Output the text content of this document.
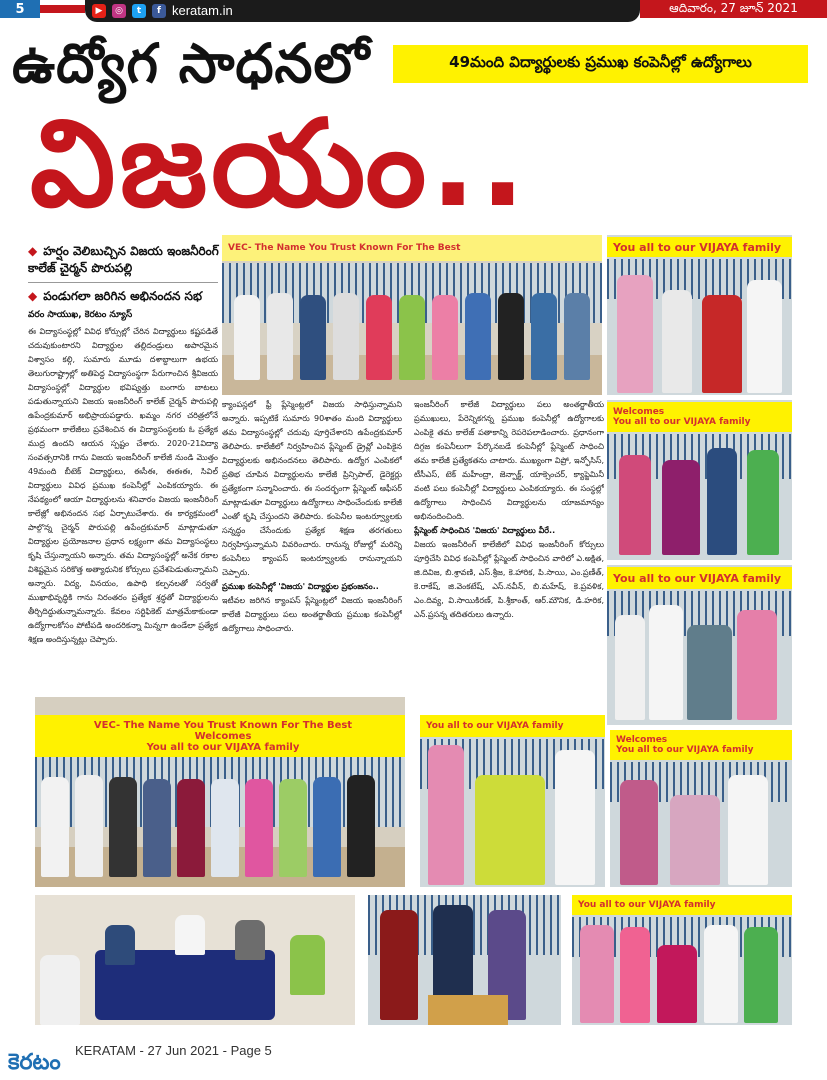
5	▶	◎	t	f keratam.in	ఆదివారం, 27 జూన్ 2021
ఉద్యోగ సాధనలో	49మంది విద్యార్థులకు ప్రముఖ కంపెనీల్లో ఉద్యోగాలు
విజయం..
◆ హర్షం వెలిబుచ్చిన విజయ ఇంజనీరింగ్ కాలేజ్ చైర్మన్ పొరుపల్లి
◆ పండుగలా జరిగిన అభినందన సభ
వరం సాయుఖ, కెరటం న్యూస్

ఈ విద్యాసంస్థల్లో వివిధ కోర్సుల్లో చేరిన విద్యార్థులు కష్టపడితే చదువుకుంటారని విద్యార్థుల తల్లిదండ్రులు అపారమైన విశ్వాసం కల్గి, సుమారు మూడు దశాబ్దాలుగా ఉభయ తెలుగురాష్ట్రాల్లో అతిపెద్ద విద్యాసంస్థగా పేరుగాంచిన శ్రీవిజయ విద్యాసంస్థల్లో విద్యార్థుల భవిష్యత్తు బంగారు బాటలు పడుతున్నాయని విజయ ఇంజనీరింగ్ కాలేజ్ చైర్మన్ పొరుపల్లి ఉపేంద్రకుమార్ అభిప్రాయపడ్డారు. ఖమ్మం నగర చరిత్రలోనే ప్రథమంగా కాలేజీలు ప్రవేశించిన ఈ విద్యాసంస్థలకు ఓ ప్రత్యేక ముద్ర ఉందని ఆయన స్పష్టం చేశారు. 2020-21విద్యా సంవత్సరానికి గాను విజయ ఇంజనీరింగ్ కాలేజీ నుండి మొత్తం 49మంది బీటెక్ విద్యార్థులు, ఈసీఈ, ఈఈఈ, సివిల్ విద్యార్థులు వివిధ ప్రముఖ కంపెనీల్లో ఎంపికయ్యారు. ఈ నేపథ్యంలో ఆయా విద్యార్థులను శనివారం విజయ ఇంజనీరింగ్ కాలేజ్లో అభినందన సభ ఏర్పాటుచేశారు. ఈ కార్యక్రమంలో పాల్గొన్న చైర్మన్ పొరుపల్లి ఉపేంద్రకుమార్ మాట్లాడుతూ విద్యార్థుల ప్రయోజనాల ప్రధాన లక్ష్యంగా తమ విద్యాసంస్థలు కృషి చేస్తున్నాయని అన్నారు. తమ విద్యాసంస్థల్లో అనేక రకాల విశిష్టమైన సరికొత్త అత్యాధునిక కోర్సులు ప్రవేశపెడుతున్నామని అన్నారు. విద్య, వినయం, ఉపాధి కల్పనలతో సర్వతో ముఖాభివృద్ధికి గాను నిరంతరం ప్రత్యేక శ్రద్ధతో విద్యార్థులను తీర్చిదిద్దుతున్నామన్నారు. కేవలం సర్టిఫికెట్ మాత్రమేకాకుండా ఉద్యోగాలకోసం పోటీపడి అందరికన్నా మిన్నగా ఉండేలా ప్రత్యేక శిక్షణ అందిస్తున్నట్లు చెప్పారు.

క్యాంపస్లలో ఫ్రీ ప్లేస్మెంట్లలో విజయ సాధిస్తున్నామని అన్నారు. ఇప్పటికే సుమారు 90శాతం మంది విద్యార్థులు తమ విద్యాసంస్థల్లో చదువు పూర్తిచేశారని ఉపేంద్రకుమార్ తెలిపారు. కాలేజీలో నిర్వహించిన ప్లేస్మెంట్ డ్రైవ్లో ఎంపికైన విద్యార్థులకు అభినందనలు తెలిపారు. ఉద్యోగ ఎంపికలో ప్రతిభ చూపిన విద్యార్థులను కాలేజీ ప్రిన్సిపాల్, డైరెక్టర్లు ప్రత్యేకంగా సన్మానించారు. ఈ సందర్భంగా ప్లేస్మెంట్ ఆఫీసర్ మాట్లాడుతూ విద్యార్థులు ఉద్యోగాలు సాధించేందుకు కాలేజీ ఎంతో కృషి చేస్తుందని తెలిపారు. కంపెనీల ఇంటర్వ్యూలకు సన్నద్ధం చేసేందుకు ప్రత్యేక శిక్షణ తరగతులు నిర్వహిస్తున్నామని వివరించారు. రానున్న రోజుల్లో మరిన్ని కంపెనీలు క్యాంపస్ ఇంటర్వ్యూలకు రానున్నాయని చెప్పారు.

ప్రముఖ కంపెనీల్లో 'విజయ' విద్యార్థుల ప్రభంజనం..

ఇటీవల జరిగిన క్యాంపస్ ప్లేస్మెంట్లలో విజయ ఇంజనీరింగ్ కాలేజీ విద్యార్థులు పలు అంతర్జాతీయ ప్రముఖ కంపెనీల్లో ఉద్యోగాలు సాధించారు.

ఇంజనీరింగ్ కాలేజీ విద్యార్థులు పలు అంతర్జాతీయ ప్రముఖులు, పేరెన్నికగన్న ప్రముఖ కంపెనీల్లో ఉద్యోగాలకు ఎంపికై తమ కాలేజ్ పతాకాన్ని రెపరెపలాడించారు. ప్రధానంగా దిగ్గజ కంపెనీలుగా పేర్కొనబడే కంపెనీల్లో ప్లేస్మెంట్ సాధించి తమ కాలేజీ ప్రత్యేకతను చాటారు. ముఖ్యంగా విప్రో, ఇన్ఫోసిస్, టీసీఎస్, టెక్ మహీంద్రా, జెన్పాక్ట్, యాక్సెంచర్, క్యాప్జెమినీ వంటి పలు కంపెనీల్లో విద్యార్థులు ఎంపికయ్యారు. ఈ సంస్థల్లో ఉద్యోగాలు సాధించిన విద్యార్థులను యాజమాన్యం అభినందించింది.

ప్లేస్మెంట్ సాధించిన 'విజయ' విద్యార్థులు వీరే..

విజయ ఇంజనీరింగ్ కాలేజీలో వివిధ ఇంజనీరింగ్ కోర్సులు పూర్తిచేసి వివిధ కంపెనీల్లో ప్లేస్మెంట్ సాధించిన వారిలో ఎ.అక్షిత, జి.దివిజ, బి.శ్రావణి, ఎస్.శ్రీజ, కె.హారిక, పి.సాయి, ఎం.ప్రణీత్, కె.రాకేష్, జి.వెంకటేష్, ఎస్.నవీన్, బి.మహేష్, కె.ప్రవళిక, ఎం.దివ్య, వి.సాయికిరణ్, పి.శ్రీకాంత్, ఆర్.మౌనిక, డి.హరిక, ఎన్.ప్రసన్న తదితరులు ఉన్నారు.

VEC- The Name You Trust Known For The Best	You all to our VIJAYA family
Welcomes
You all to our VIJAYA family
You all to our VIJAYA family
VEC- The Name You Trust Known For The Best
Welcomes
You all to our VIJAYA family
You all to our VIJAYA family
Welcomes
You all to our VIJAYA family
You all to our VIJAYA family
కెరటం KERATAM - 27 Jun 2021 - Page 5
